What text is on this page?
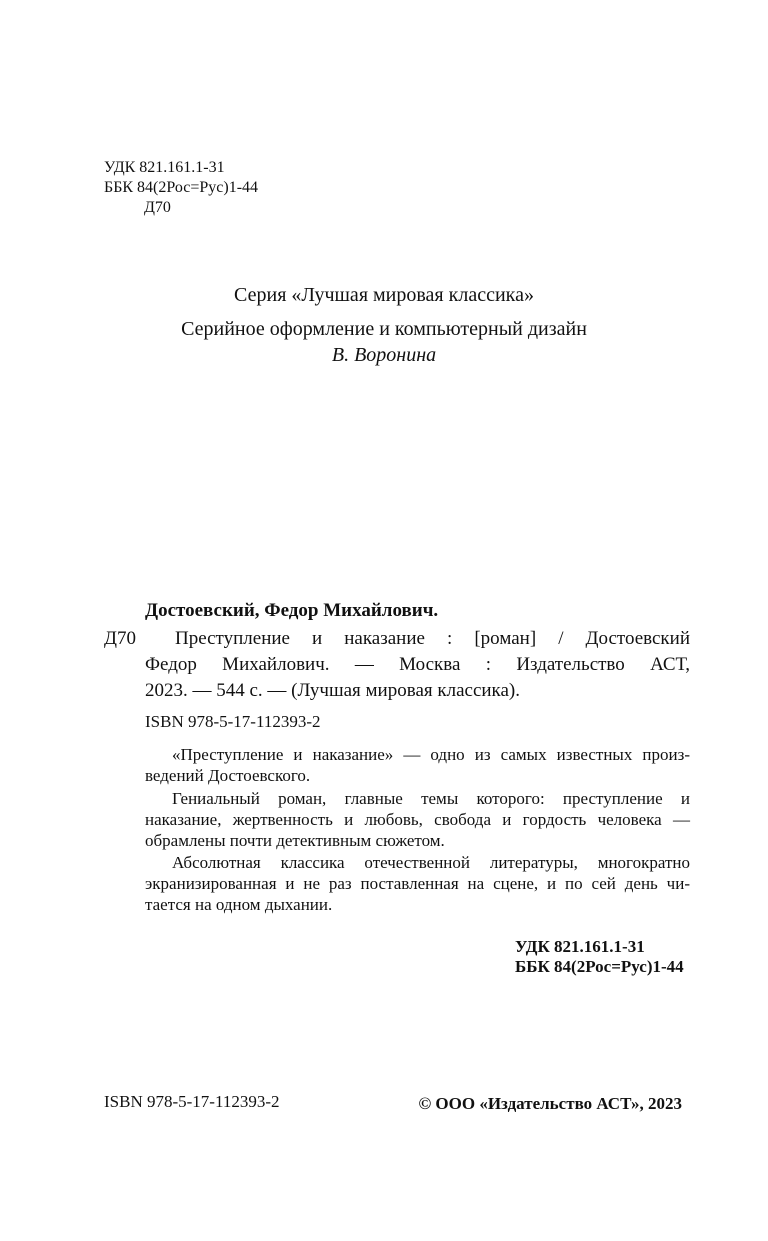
УДК 821.161.1-31
ББК 84(2Рос=Рус)1-44
Д70
Серия «Лучшая мировая классика»
Серийное оформление и компьютерный дизайн
В. Воронина
Достоевский, Федор Михайлович.
Д70	Преступление и наказание : [роман] / Достоевский
Федор Михайлович. — Москва : Издательство АСТ,
2023. — 544 с. — (Лучшая мировая классика).
ISBN 978-5-17-112393-2
«Преступление и наказание» — одно из самых известных произ-
ведений Достоевского.
Гениальный роман, главные темы которого: преступление и
наказание, жертвенность и любовь, свобода и гордость человека —
обрамлены почти детективным сюжетом.
Абсолютная классика отечественной литературы, многократно
экранизированная и не раз поставленная на сцене, и по сей день чи-
тается на одном дыхании.
УДК 821.161.1-31
ББК 84(2Рос=Рус)1-44
ISBN 978-5-17-112393-2	© ООО «Издательство АСТ», 2023
